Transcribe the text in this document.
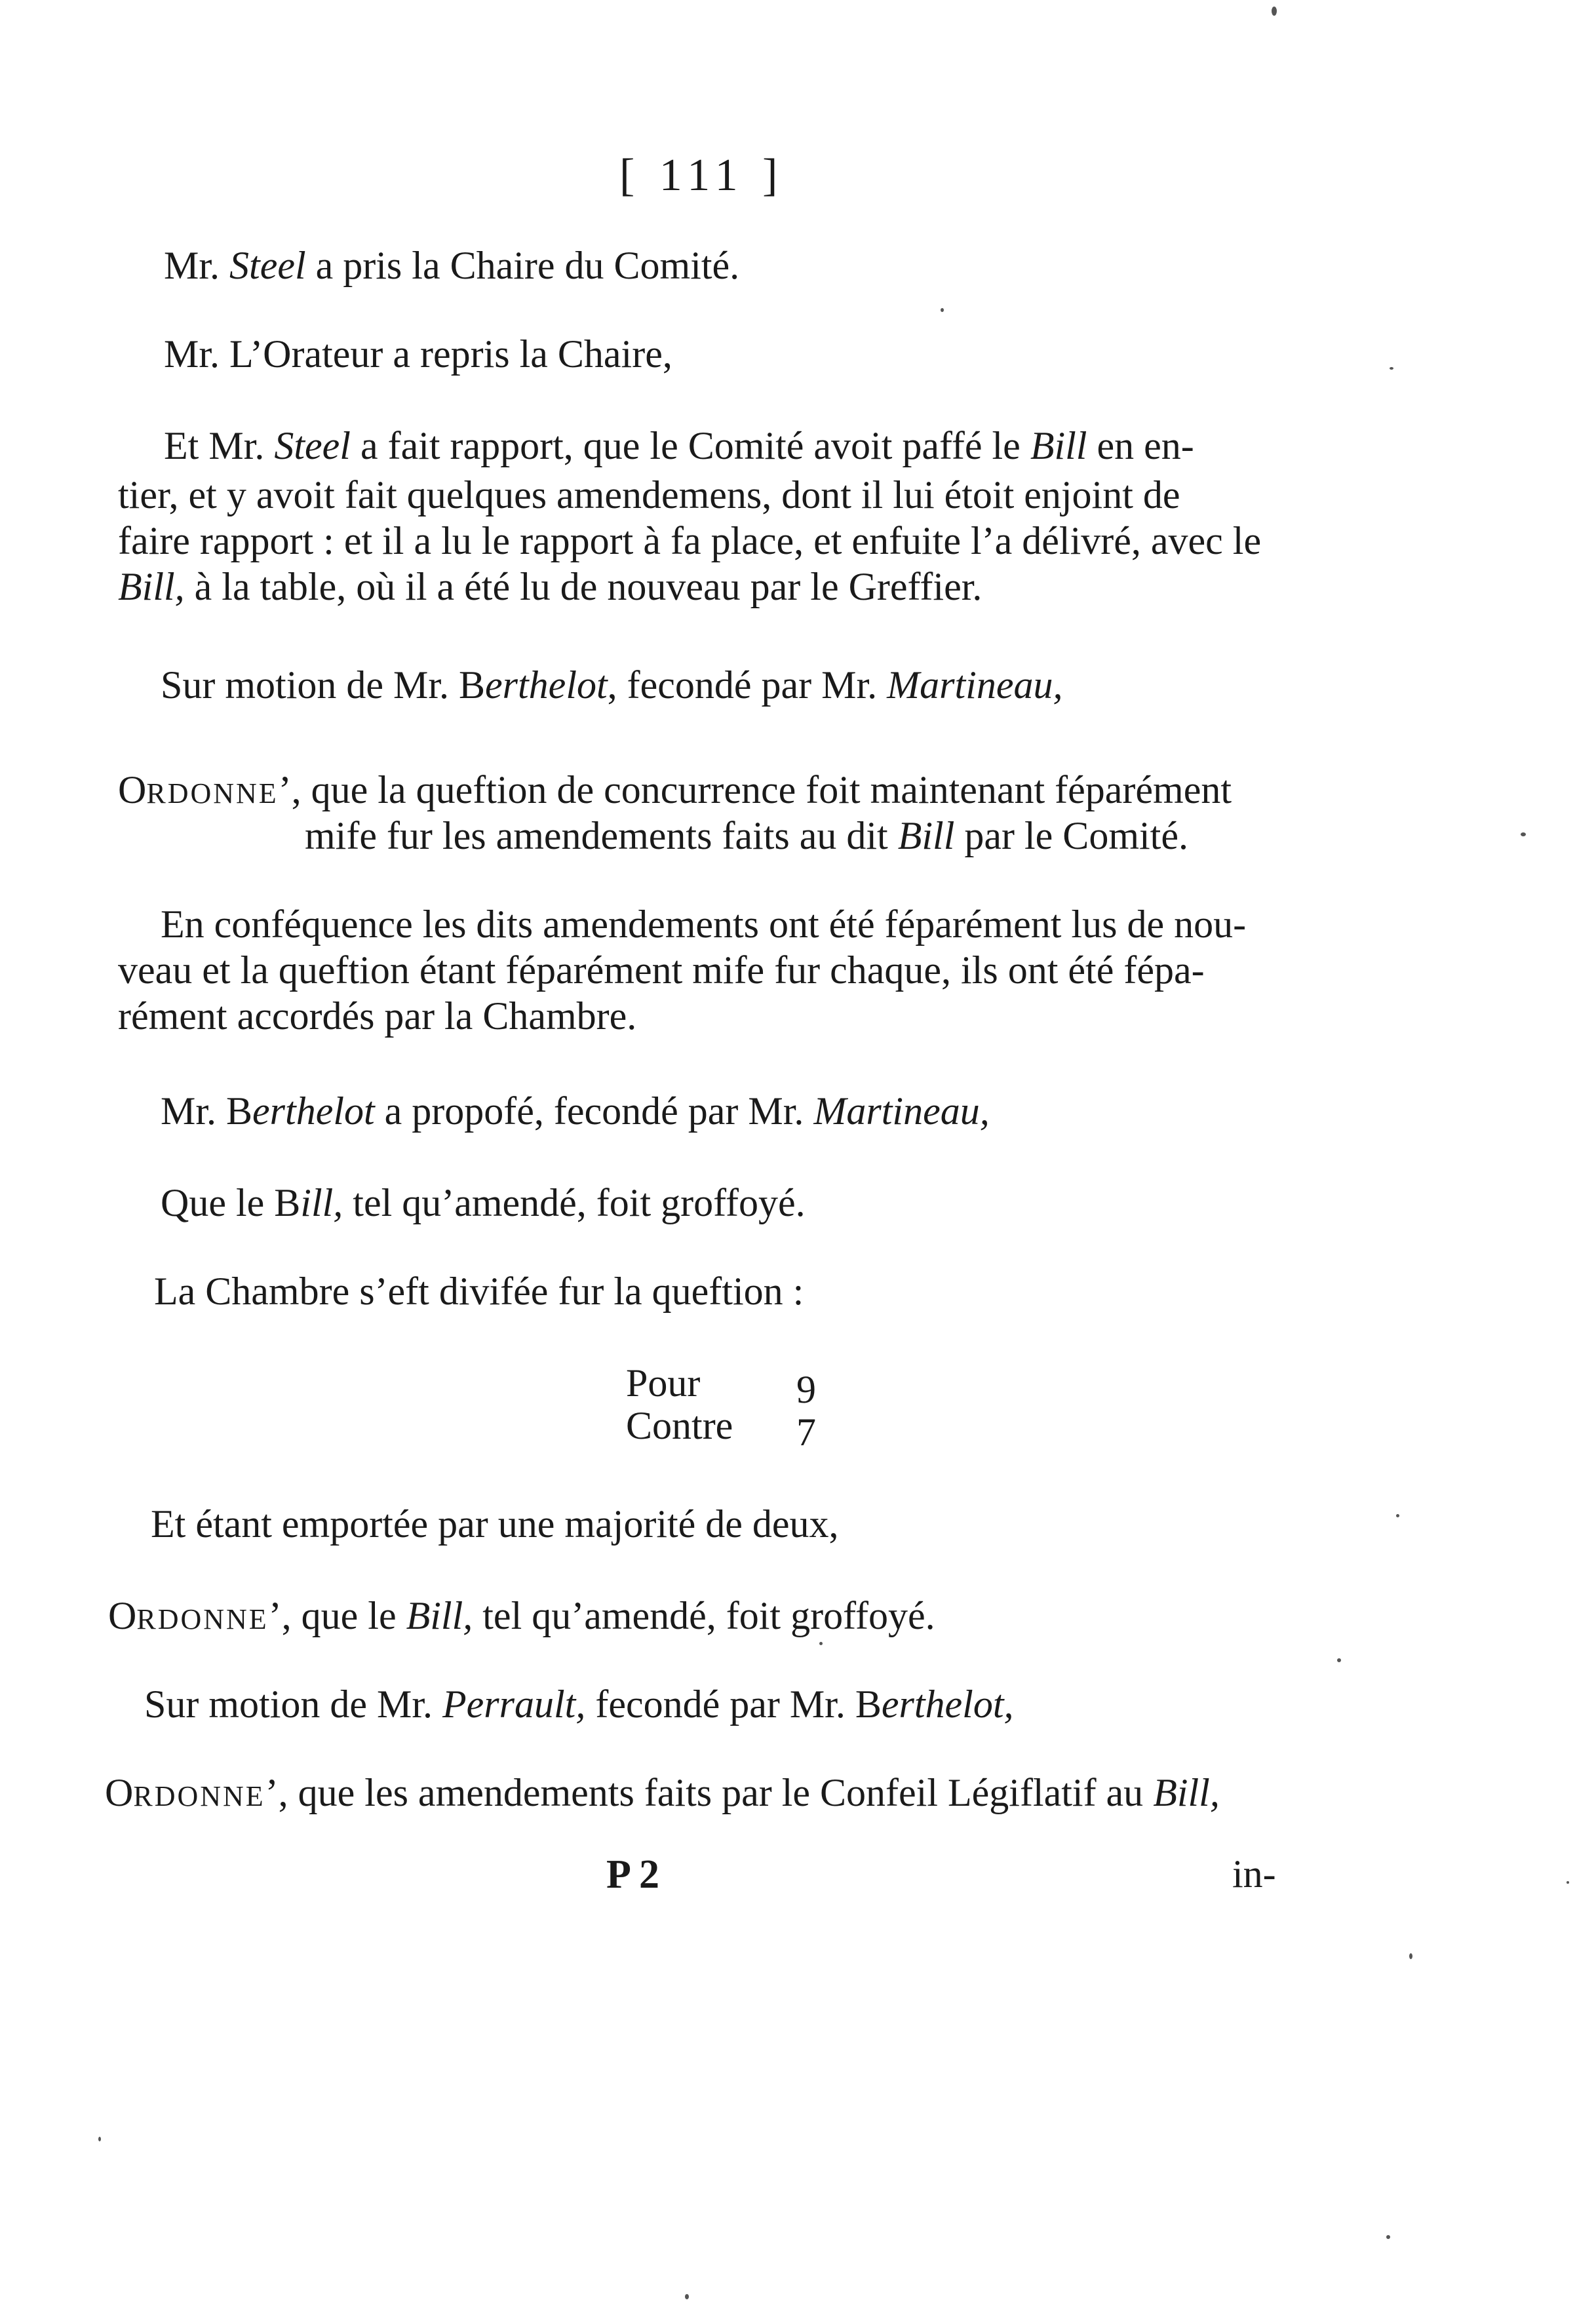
[ 111 ]
Mr. Steel a pris la Chaire du Comité.
Mr. L’Orateur a repris la Chaire,
Et Mr. Steel a fait rapport, que le Comité avoit paffé le Bill en en-
tier, et y avoit fait quelques amendemens, dont il lui étoit enjoint de
faire rapport : et il a lu le rapport à fa place, et enfuite l’a délivré, avec le
Bill, à la table, où il a été lu de nouveau par le Greffier.
Sur motion de Mr. Berthelot, fecondé par Mr. Martineau,
ORDONNE’, que la queftion de concurrence foit maintenant féparément
mife fur les amendements faits au dit Bill par le Comité.
En conféquence les dits amendements ont été féparément lus de nou-
veau et la queftion étant féparément mife fur chaque, ils ont été fépa-
rément accordés par la Chambre.
Mr. Berthelot a propofé, fecondé par Mr. Martineau,
Que le Bill, tel qu’amendé, foit groffoyé.
La Chambre s’eft divifée fur la queftion :
Pour 9
Contre 7
Et étant emportée par une majorité de deux,
ORDONNE’, que le Bill, tel qu’amendé, foit groffoyé.
Sur motion de Mr. Perrault, fecondé par Mr. Berthelot,
ORDONNE’, que les amendements faits par le Confeil Légiflatif au Bill,
P 2	in-
